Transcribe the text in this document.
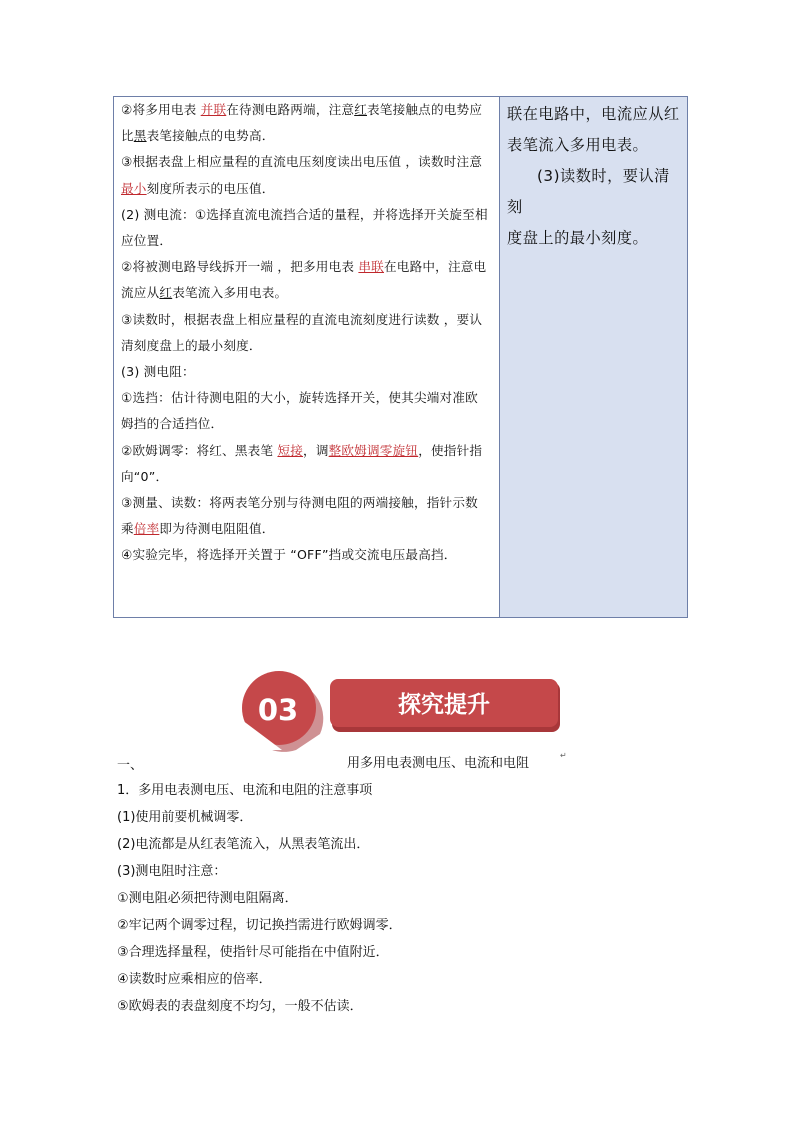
②将多用电表 并联在待测电路两端，注意红表笔接触点的电势应
比黑表笔接触点的电势高．
③根据表盘上相应量程的直流电压刻度读出电压值 ，读数时注意
最小刻度所表示的电压值．
(2) 测电流：①选择直流电流挡合适的量程，并将选择开关旋至相
应位置．
②将被测电路导线拆开一端 ，把多用电表 串联在电路中，注意电
流应从红表笔流入多用电表。
③读数时，根据表盘上相应量程的直流电流刻度进行读数 ，要认
清刻度盘上的最小刻度．
(3) 测电阻：
①选挡：估计待测电阻的大小，旋转选择开关，使其尖端对准欧
姆挡的合适挡位．
②欧姆调零：将红、黑表笔 短接，调整欧姆调零旋钮，使指针指
向“0”．
③测量、读数：将两表笔分别与待测电阻的两端接触，指针示数
乘倍率即为待测电阻阻值．
④实验完毕，将选择开关置于 “OFF”挡或交流电压最高挡．

联在电路中，电流应从红

表笔流入多用电表。

(3)读数时，要认清刻

度盘上的最小刻度。

03	探究提升
一、	用多用电表测电压、电流和电阻
↵
1．多用电表测电压、电流和电阻的注意事项
(1)使用前要机械调零．
(2)电流都是从红表笔流入，从黑表笔流出．
(3)测电阻时注意：
①测电阻必须把待测电阻隔离．
②牢记两个调零过程，切记换挡需进行欧姆调零．
③合理选择量程，使指针尽可能指在中值附近．
④读数时应乘相应的倍率．
⑤欧姆表的表盘刻度不均匀，一般不估读．
